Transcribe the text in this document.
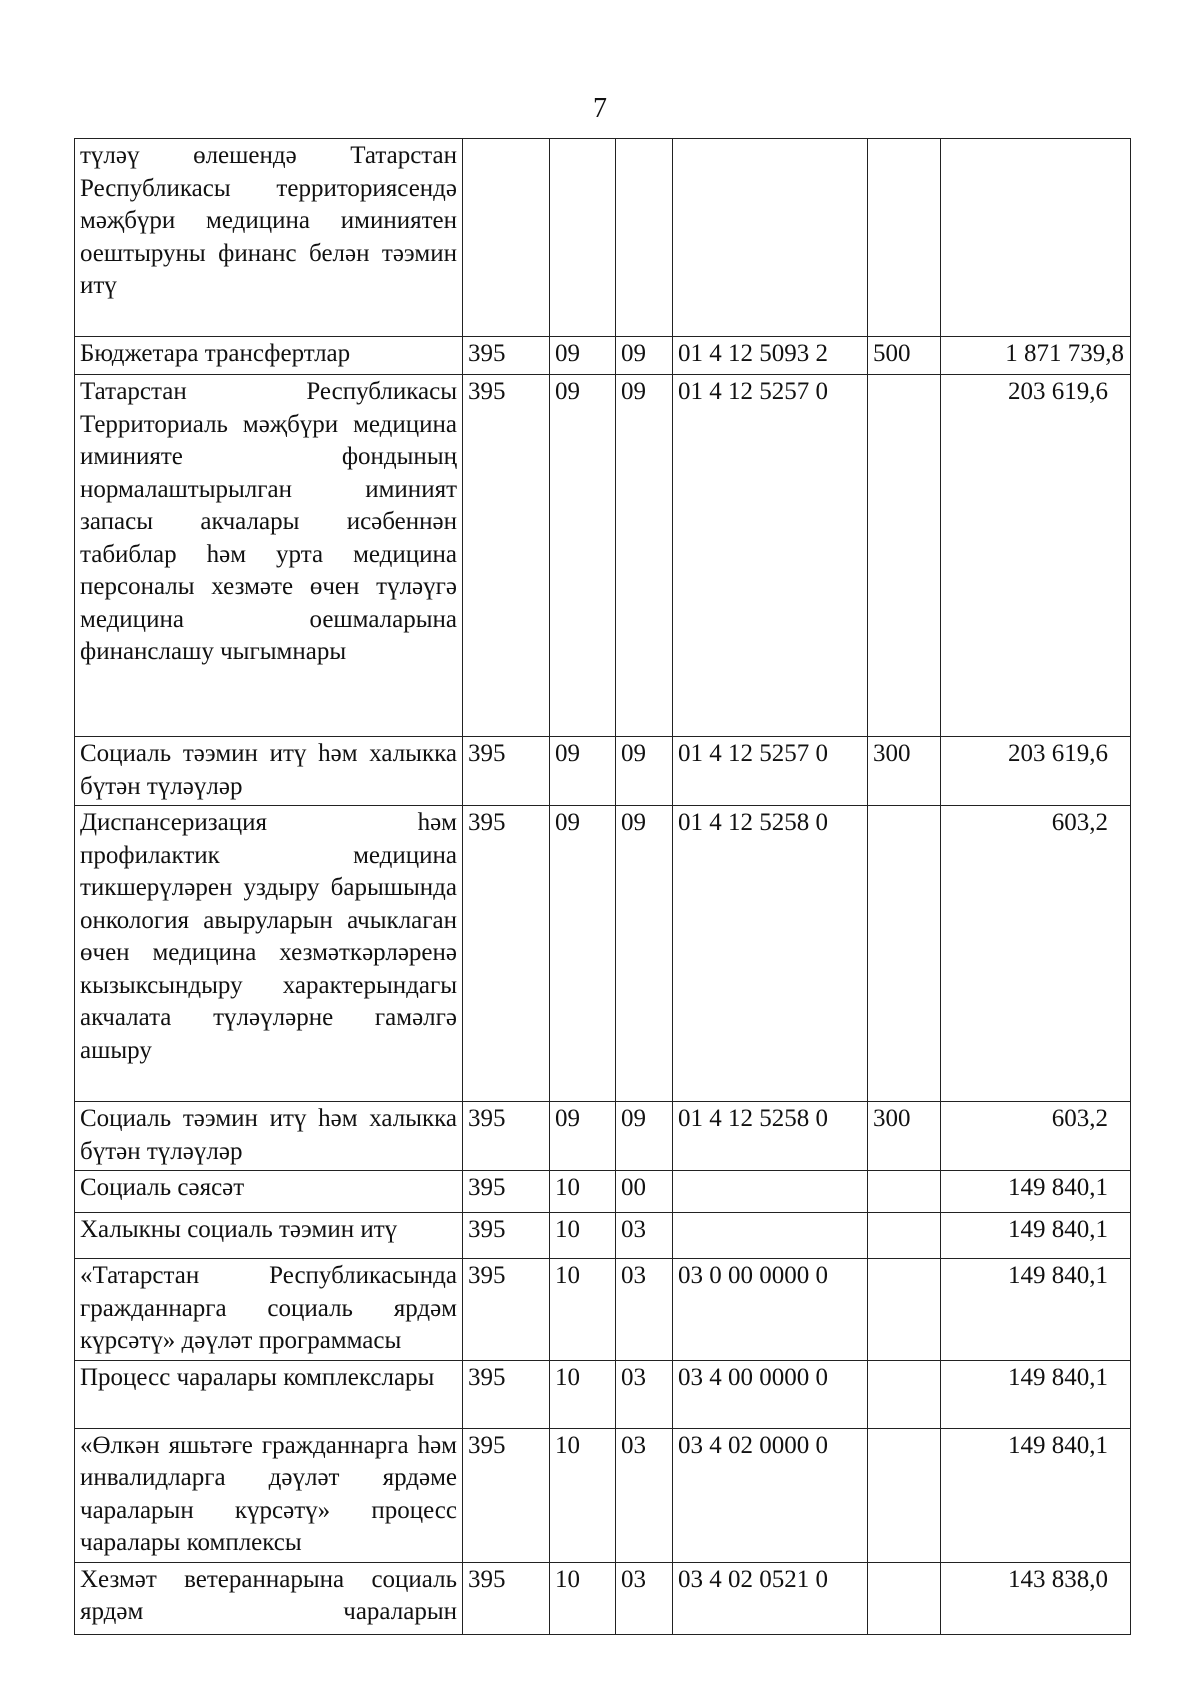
7
түләү өлешендә Татарстан Республикасы территориясендә мәҗбүри медицина иминиятен оештыруны финанс белән тәэмин итү						
Бюджетара трансфертлар	395	09	09	01 4 12 5093 2	500	1 871 739,8
Татарстан Республикасы Территориаль мәҗбүри медицина иминияте фондының нормалаштырылган иминият запасы акчалары исәбеннән табиблар һәм урта медицина персоналы хезмәте өчен түләүгә медицина оешмаларына финанслашу чыгымнары	395	09	09	01 4 12 5257 0		203 619,6
Социаль тәэмин итү һәм халыкка бүтән түләүләр	395	09	09	01 4 12 5257 0	300	203 619,6
Диспансеризация һәм профилактик медицина тикшерүләрен уздыру барышында онкология авыруларын ачыклаган өчен медицина хезмәткәрләренә кызыксындыру характерындагы акчалата түләүләрне гамәлгә ашыру	395	09	09	01 4 12 5258 0		603,2
Социаль тәэмин итү һәм халыкка бүтән түләүләр	395	09	09	01 4 12 5258 0	300	603,2
Социаль сәясәт	395	10	00			149 840,1
Халыкны социаль тәэмин итү	395	10	03			149 840,1
«Татарстан Республикасында гражданнарга социаль ярдәм күрсәтү» дәүләт программасы	395	10	03	03 0 00 0000 0		149 840,1
Процесс чаралары комплекслары	395	10	03	03 4 00 0000 0		149 840,1
«Өлкән яшьтәге гражданнарга һәм инвалидларга дәүләт ярдәме чараларын күрсәтү» процесс чаралары комплексы	395	10	03	03 4 02 0000 0		149 840,1
Хезмәт ветераннарына социаль ярдәм чараларын	395	10	03	03 4 02 0521 0		143 838,0
